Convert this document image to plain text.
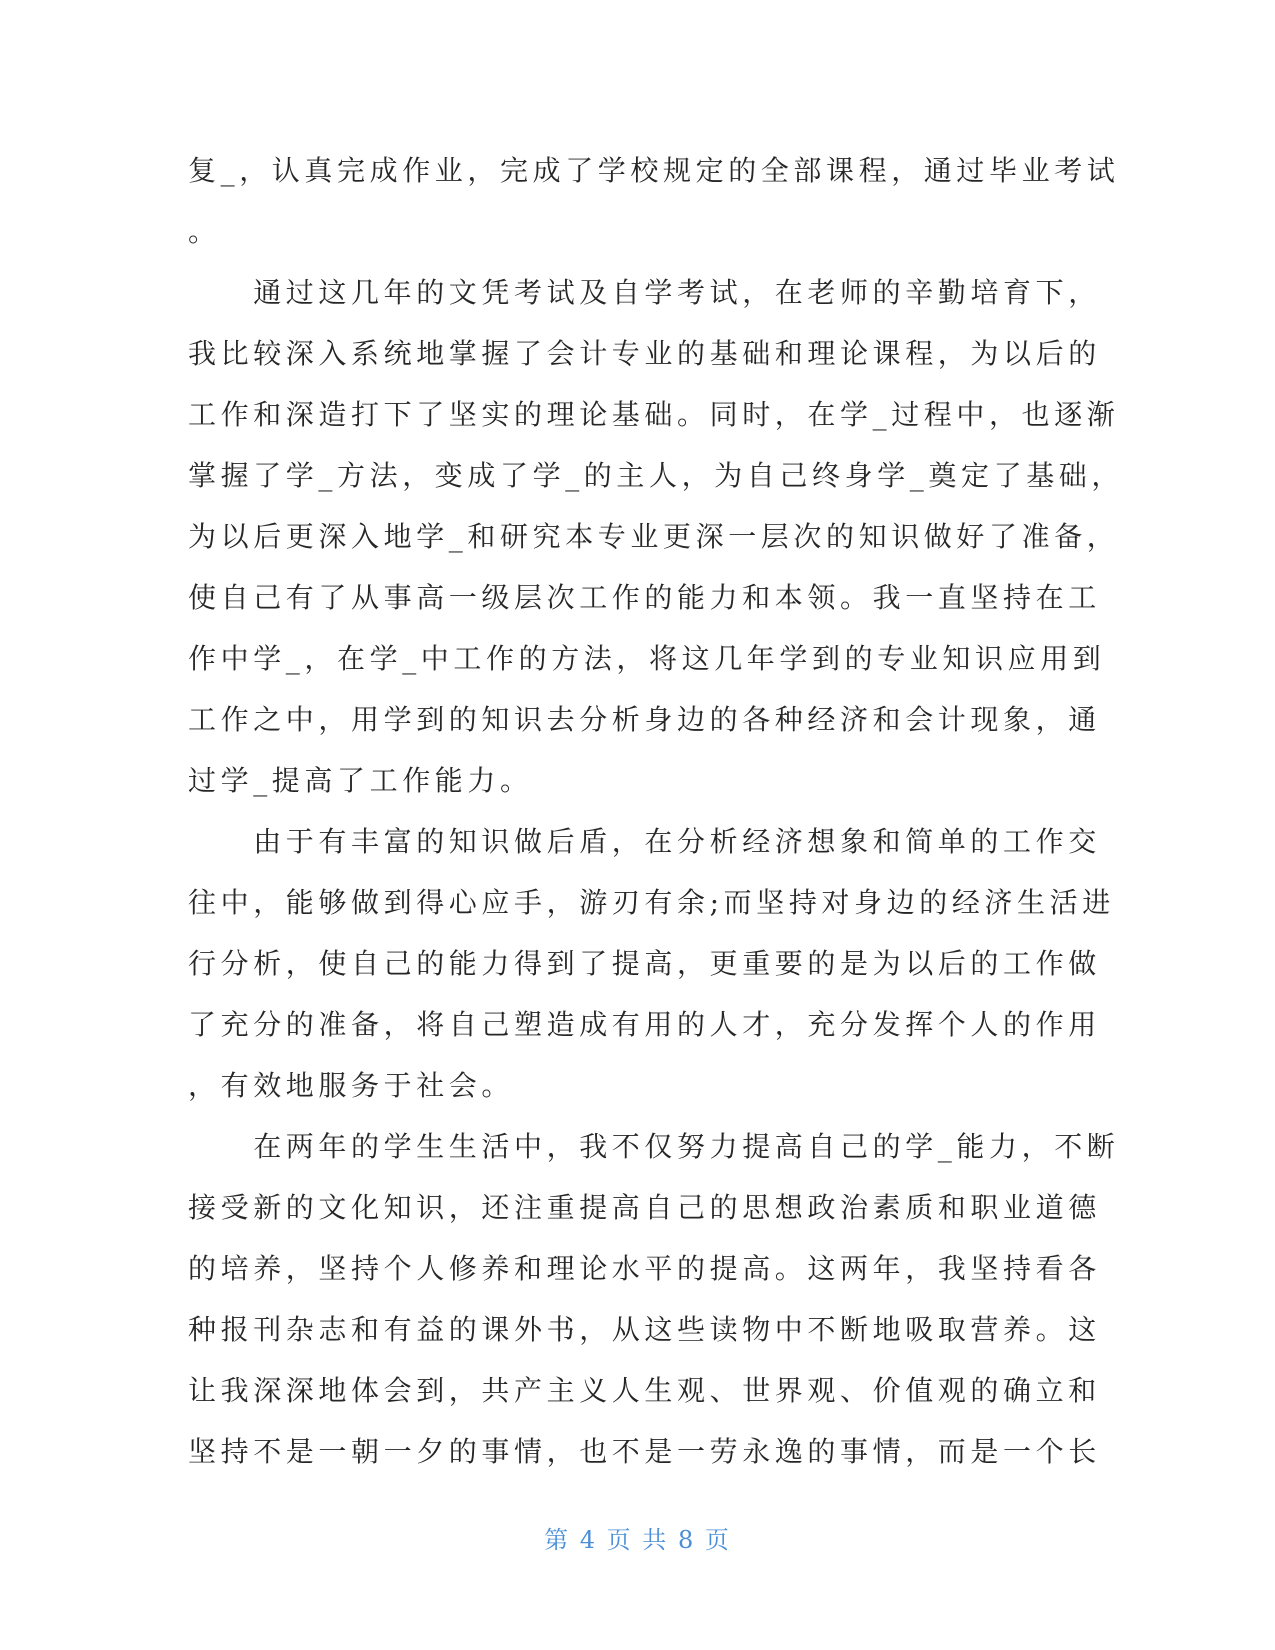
复_，认真完成作业，完成了学校规定的全部课程，通过毕业考试
。
　　通过这几年的文凭考试及自学考试，在老师的辛勤培育下，
我比较深入系统地掌握了会计专业的基础和理论课程，为以后的
工作和深造打下了坚实的理论基础。同时，在学_过程中，也逐渐
掌握了学_方法，变成了学_的主人，为自己终身学_奠定了基础，
为以后更深入地学_和研究本专业更深一层次的知识做好了准备，
使自己有了从事高一级层次工作的能力和本领。我一直坚持在工
作中学_，在学_中工作的方法，将这几年学到的专业知识应用到
工作之中，用学到的知识去分析身边的各种经济和会计现象，通
过学_提高了工作能力。
　　由于有丰富的知识做后盾，在分析经济想象和简单的工作交
往中，能够做到得心应手，游刃有余;而坚持对身边的经济生活进
行分析，使自己的能力得到了提高，更重要的是为以后的工作做
了充分的准备，将自己塑造成有用的人才，充分发挥个人的作用
，有效地服务于社会。
　　在两年的学生生活中，我不仅努力提高自己的学_能力，不断
接受新的文化知识，还注重提高自己的思想政治素质和职业道德
的培养，坚持个人修养和理论水平的提高。这两年，我坚持看各
种报刊杂志和有益的课外书，从这些读物中不断地吸取营养。这
让我深深地体会到，共产主义人生观、世界观、价值观的确立和
坚持不是一朝一夕的事情，也不是一劳永逸的事情，而是一个长
第 4 页 共 8 页
